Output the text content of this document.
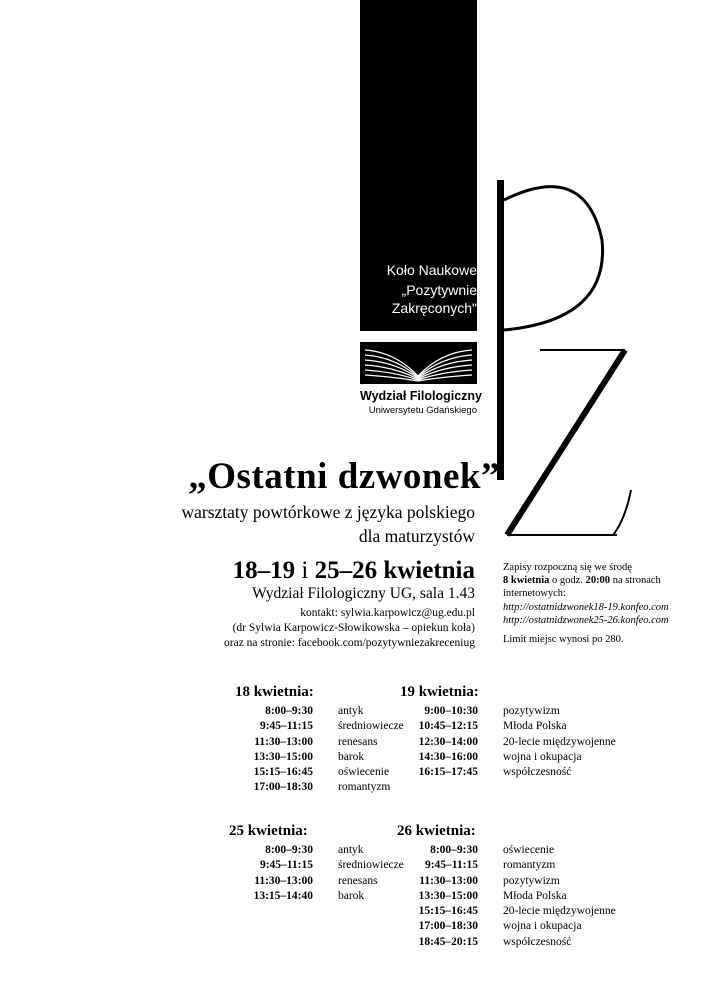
Koło Naukowe
„Pozytywnie
Zakręconych"
Wydział Filologiczny
Uniwersytetu Gdańskiego
„Ostatni dzwonek”
warsztaty powtórkowe z języka polskiego
dla maturzystów
18–19 i 25–26 kwietnia
Wydział Filologiczny UG, sala 1.43
kontakt: sylwia.karpowicz@ug.edu.pl
(dr Sylwia Karpowicz-Słowikowska – opiekun koła)
oraz na stronie: facebook.com/pozytywniezakreceniug
Zapisy rozpoczną się we środę
8 kwietnia o godz. 20:00 na stronach internetowych:
http://ostatnidzwonek18-19.konfeo.com
http://ostatnidzwonek25-26.konfeo.com
Limit miejsc wynosi po 280.
18 kwietnia:
8:00–9:30
9:45–11:15
11:30–13:00
13:30–15:00
15:15–16:45
17:00–18:30
antyk
średniowiecze
renesans
barok
oświecenie
romantyzm
19 kwietnia:
9:00–10:30
10:45–12:15
12:30–14:00
14:30–16:00
16:15–17:45
pozytywizm
Młoda Polska
20-lecie międzywojenne
wojna i okupacja
współczesność
25 kwietnia:
8:00–9:30
9:45–11:15
11:30–13:00
13:15–14:40
antyk
średniowiecze
renesans
barok
26 kwietnia:
8:00–9:30
9:45–11:15
11:30–13:00
13:30–15:00
15:15–16:45
17:00–18:30
18:45–20:15
oświecenie
romantyzm
pozytywizm
Młoda Polska
20-lecie międzywojenne
wojna i okupacja
współczesność
